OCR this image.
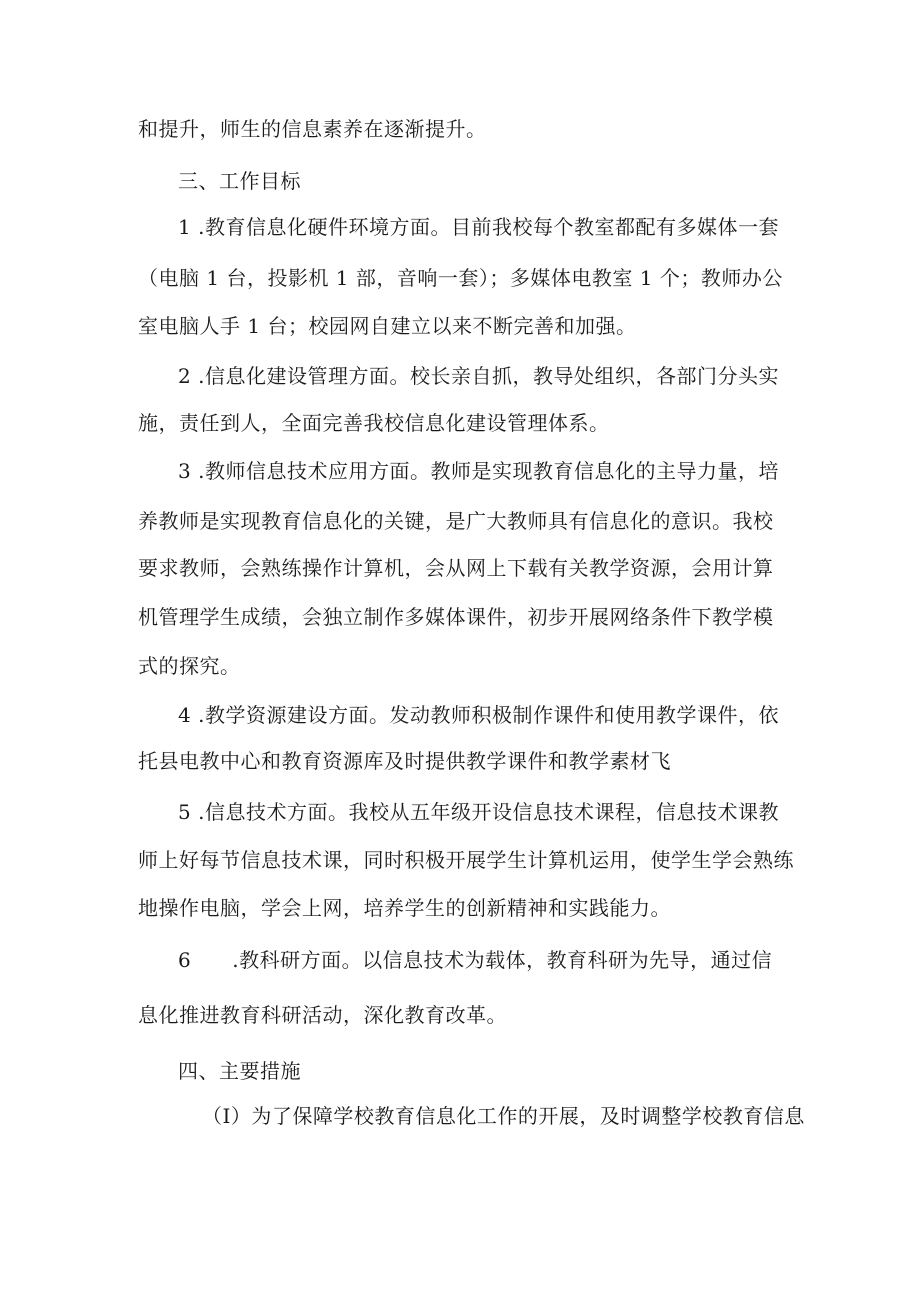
和提升，师生的信息素养在逐渐提升。
三、工作目标
1 .教育信息化硬件环境方面。目前我校每个教室都配有多媒体一套
（电脑 1 台，投影机 1 部，音响一套）；多媒体电教室 1 个；教师办公
室电脑人手 1 台；校园网自建立以来不断完善和加强。
2 .信息化建设管理方面。校长亲自抓，教导处组织，各部门分头实
施，责任到人，全面完善我校信息化建设管理体系。
3 .教师信息技术应用方面。教师是实现教育信息化的主导力量，培
养教师是实现教育信息化的关键，是广大教师具有信息化的意识。我校
要求教师，会熟练操作计算机，会从网上下载有关教学资源，会用计算
机管理学生成绩，会独立制作多媒体课件，初步开展网络条件下教学模
式的探究。
4 .教学资源建设方面。发动教师积极制作课件和使用教学课件，依
托县电教中心和教育资源库及时提供教学课件和教学素材飞
5 .信息技术方面。我校从五年级开设信息技术课程，信息技术课教
师上好每节信息技术课，同时积极开展学生计算机运用，使学生学会熟练
地操作电脑，学会上网，培养学生的创新精神和实践能力。
6　　.教科研方面。以信息技术为载体，教育科研为先导，通过信
息化推进教育科研活动，深化教育改革。
四、主要措施
（I）为了保障学校教育信息化工作的开展，及时调整学校教育信息
